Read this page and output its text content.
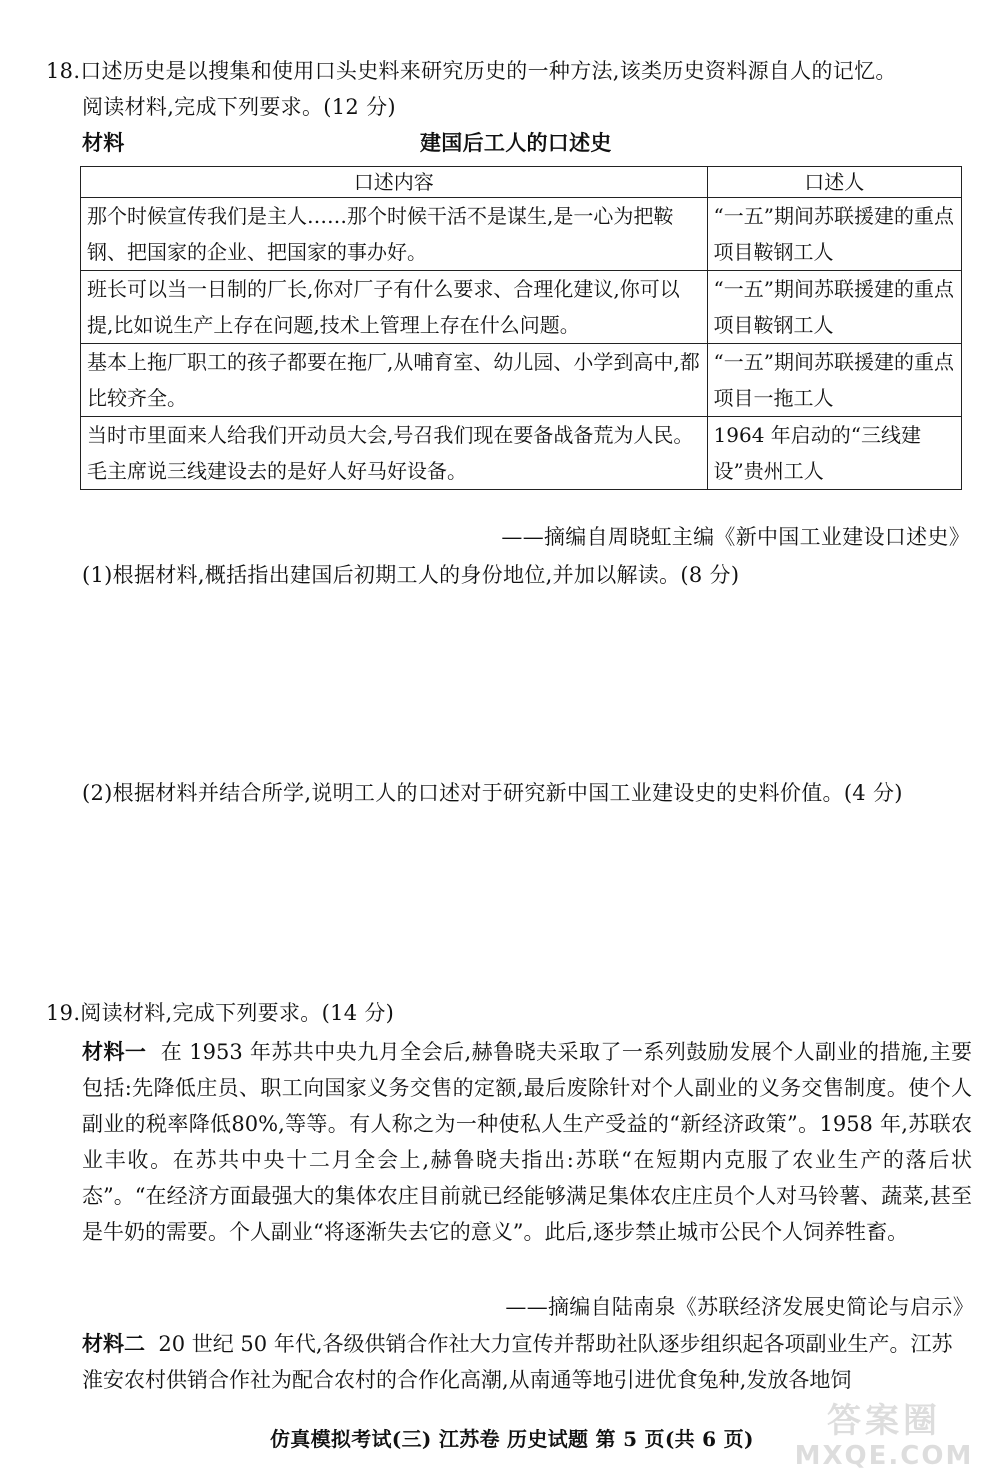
18.口述历史是以搜集和使用口头史料来研究历史的一种方法,该类历史资料源自人的记忆。
阅读材料,完成下列要求。(12 分)
材料	建国后工人的口述史
口述内容	口述人
那个时候宣传我们是主人……那个时候干活不是谋生,是一心为把鞍钢、把国家的企业、把国家的事办好。	“一五”期间苏联援建的重点项目鞍钢工人
班长可以当一日制的厂长,你对厂子有什么要求、合理化建议,你可以提,比如说生产上存在问题,技术上管理上存在什么问题。	“一五”期间苏联援建的重点项目鞍钢工人
基本上拖厂职工的孩子都要在拖厂,从哺育室、幼儿园、小学到高中,都比较齐全。	“一五”期间苏联援建的重点项目一拖工人
当时市里面来人给我们开动员大会,号召我们现在要备战备荒为人民。毛主席说三线建设去的是好人好马好设备。	1964 年启动的“三线建设”贵州工人
——摘编自周晓虹主编《新中国工业建设口述史》
(1)根据材料,概括指出建国后初期工人的身份地位,并加以解读。(8 分)
(2)根据材料并结合所学,说明工人的口述对于研究新中国工业建设史的史料价值。(4 分)
19.阅读材料,完成下列要求。(14 分)
材料一 在 1953 年苏共中央九月全会后,赫鲁晓夫采取了一系列鼓励发展个人副业的措施,主要包括:先降低庄员、职工向国家义务交售的定额,最后废除针对个人副业的义务交售制度。使个人副业的税率降低80%,等等。有人称之为一种使私人生产受益的“新经济政策”。1958 年,苏联农业丰收。在苏共中央十二月全会上,赫鲁晓夫指出:苏联“在短期内克服了农业生产的落后状态”。“在经济方面最强大的集体农庄目前就已经能够满足集体农庄庄员个人对马铃薯、蔬菜,甚至是牛奶的需要。个人副业“将逐渐失去它的意义”。此后,逐步禁止城市公民个人饲养牲畜。
——摘编自陆南泉《苏联经济发展史简论与启示》
材料二 20 世纪 50 年代,各级供销合作社大力宣传并帮助社队逐步组织起各项副业生产。江苏淮安农村供销合作社为配合农村的合作化高潮,从南通等地引进优食兔种,发放各地饲
仿真模拟考试(三) 江苏卷 历史试题 第 5 页(共 6 页)	答案圈
MXQE.COM
